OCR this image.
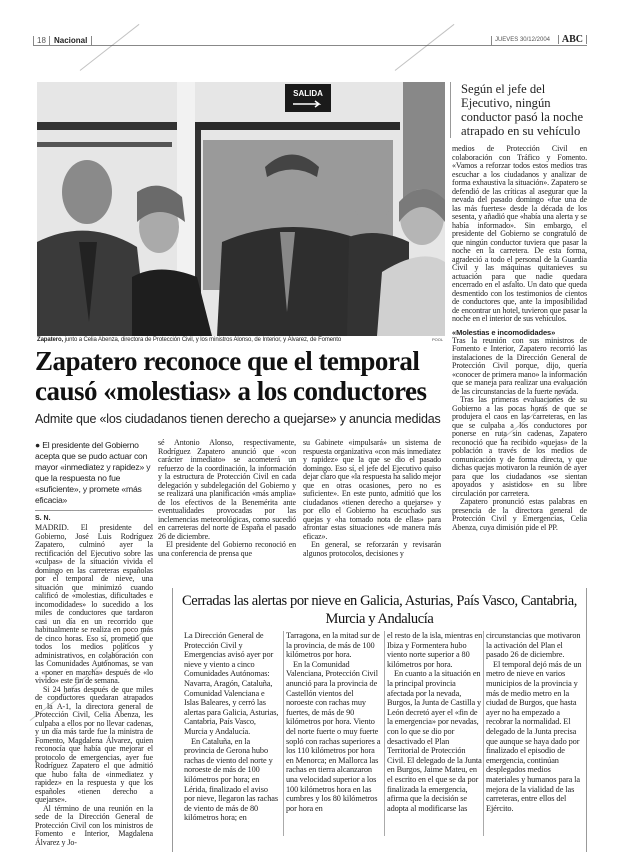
18	Nacional	JUEVES 30/12/2004	ABC
SALIDA
Zapatero, junto a Celia Abenza, directora de Protección Civil, y los ministros Alonso, de Interior, y Álvarez, de Fomento	POOL
Zapatero reconoce que el temporal
causó «molestias» a los conductores
Admite que «los ciudadanos tienen derecho a quejarse» y anuncia medidas
● El presidente del Gobierno acepta que se pudo actuar con mayor «inmediatez y rapidez» y que la respuesta no fue «suficiente», y promete «más eficacia»
S. N.

MADRID. El presidente del Gobierno, José Luis Rodríguez Zapatero, culminó ayer la rectificación del Ejecutivo sobre las «culpas» de la situación vivida el domingo en las carreteras españolas por el temporal de nieve, una situación que minimizó cuando calificó de «molestias, dificultades e incomodidades» lo sucedido a los miles de conductores que tardaron casi un día en un recorrido que habitualmente se realiza en poco más de cinco horas. Eso sí, prometió que todos los medios políticos y administrativos, en colaboración con las Comunidades Autónomas, se van a «poner en marcha» después de «lo vivido» este fin de semana.

Si 24 horas después de que miles de conductores quedaran atrapados en la A-1, la directora general de Protección Civil, Celia Abenza, les culpaba a ellos por no llevar cadenas, y un día más tarde fue la ministra de Fomento, Magdalena Álvarez, quien reconocía que había que mejorar el protocolo de emergencias, ayer fue Rodríguez Zapatero el que admitió que hubo falta de «inmediatez y rapidez» en la respuesta y que los españoles «tienen derecho a quejarse».

Al término de una reunión en la sede de la Dirección General de Protección Civil con los ministros de Fomento e Interior, Magdalena Álvarez y Jo-

sé Antonio Alonso, respectivamente, Rodríguez Zapatero anunció que «con carácter inmediato» se acometerá un refuerzo de la coordinación, la información y la estructura de Protección Civil en cada delegación y subdelegación del Gobierno y se realizará una planificación «más amplia» de los efectivos de la Benemérita ante eventualidades provocadas por las inclemencias meteorológicas, como sucedió en carreteras del norte de España el pasado 26 de diciembre.

El presidente del Gobierno reconoció en una conferencia de prensa que

su Gabinete «impulsará» un sistema de respuesta organizativa «con más inmediatez y rapidez» que la que se dio el pasado domingo. Eso sí, el jefe del Ejecutivo quiso dejar claro que «la respuesta ha salido mejor que en otras ocasiones, pero no es suficiente». En este punto, admitió que los ciudadanos «tienen derecho a quejarse» y por ello el Gobierno ha escuchado sus quejas y «ha tomado nota de ellas» para afrontar estas situaciones «de manera más eficaz».

En general, se reforzarán y revisarán algunos protocolos, decisiones y

Según el jefe del Ejecutivo, ningún conductor pasó la noche atrapado en su vehículo

medios de Protección Civil en colaboración con Tráfico y Fomento. «Vamos a reforzar todos estos medios tras escuchar a los ciudadanos y analizar de forma exhaustiva la situación». Zapatero se defendió de las críticas al asegurar que la nevada del pasado domingo «fue una de las más fuertes» desde la década de los sesenta, y añadió que «había una alerta y se había informado». Sin embargo, el presidente del Gobierno se congratuló de que ningún conductor tuviera que pasar la noche en la carretera. De esta forma, agradeció a todo el personal de la Guardia Civil y las máquinas quitanieves su actuación para que nadie quedara encerrado en el asfalto. Un dato que queda desmentido con los testimonios de cientos de conductores que, ante la imposibilidad de encontrar un hotel, tuvieron que pasar la noche en el interior de sus vehículos.

«Molestias e incomodidades»

Tras la reunión con sus ministros de Fomento e Interior, Zapatero recorrió las instalaciones de la Dirección General de Protección Civil porque, dijo, quería «conocer de primera mano» la información que se maneja para realizar una evaluación de las circunstancias de la fuerte nevada.

Tras las primeras evaluaciones de su Gobierno a las pocas horas de que se produjera el caos en las carreteras, en las que se culpaba a los conductores por ponerse en ruta sin cadenas, Zapatero reconoció que ha recibido «quejas» de la población a través de los medios de comunicación y de forma directa, y que dichas quejas motivaron la reunión de ayer para que los ciudadanos «se sientan apoyados y asistidos» en su libre circulación por carretera.

Zapatero pronunció estas palabras en presencia de la directora general de Protección Civil y Emergencias, Celia Abenza, cuya dimisión pide el PP.

Cerradas las alertas por nieve en Galicia, Asturias, País Vasco, Cantabria, Murcia y Andalucía

La Dirección General de Protección Civil y Emergencias avisó ayer por nieve y viento a cinco Comunidades Autónomas: Navarra, Aragón, Cataluña, Comunidad Valenciana e Islas Baleares, y cerró las alertas para Galicia, Asturias, Cantabria, País Vasco, Murcia y Andalucía.

En Cataluña, en la provincia de Gerona hubo rachas de viento del norte y noroeste de más de 100 kilómetros por hora; en Lérida, finalizado el aviso por nieve, llegaron las rachas de viento de más de 80 kilómetros hora; en

Tarragona, en la mitad sur de la provincia, de más de 100 kilómetros por hora.

En la Comunidad Valenciana, Protección Civil anunció para la provincia de Castellón vientos del noroeste con rachas muy fuertes, de más de 90 kilómetros por hora. Viento del norte fuerte o muy fuerte sopló con rachas superiores a los 110 kilómetros por hora en Menorca; en Mallorca las rachas en tierra alcanzaron una velocidad superior a los 100 kilómetros hora en las cumbres y los 80 kilómetros por hora en

el resto de la isla, mientras en Ibiza y Formentera hubo viento norte superior a 80 kilómetros por hora.

En cuanto a la situación en la principal provincia afectada por la nevada, Burgos, la Junta de Castilla y León decretó ayer el «fin de la emergencia» por nevadas, con lo que se dio por desactivado el Plan Territorial de Protección Civil. El delegado de la Junta en Burgos, Jaime Mateu, en el escrito en el que se da por finalizada la emergencia, afirma que la decisión se adopta al modificarse las

circunstancias que motivaron la activación del Plan el pasado 26 de diciembre.

El temporal dejó más de un metro de nieve en varios municipios de la provincia y más de medio metro en la ciudad de Burgos, que hasta ayer no ha empezado a recobrar la normalidad. El delegado de la Junta precisa que aunque se haya dado por finalizado el episodio de emergencia, continúan desplegados medios materiales y humanos para la mejora de la vialidad de las carreteras, entre ellos del Ejército.
